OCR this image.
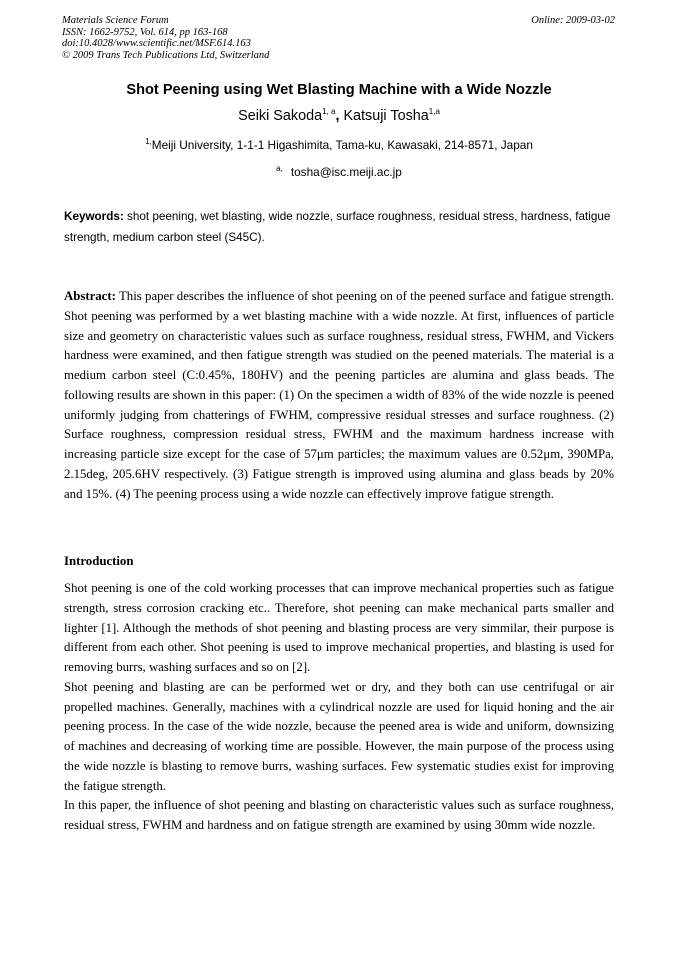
Materials Science Forum
ISSN: 1662-9752, Vol. 614, pp 163-168
doi:10.4028/www.scientific.net/MSF.614.163
© 2009 Trans Tech Publications Ltd, Switzerland
Online: 2009-03-02
Shot Peening using Wet Blasting Machine with a Wide Nozzle
Seiki Sakoda$^{1, a}$, Katsuji Tosha$^{1,a}$
$^{1,}$Meiji University, 1-1-1 Higashimita, Tama-ku, Kawasaki, 214-8571, Japan
$^{a,}$ tosha@isc.meiji.ac.jp
Keywords: shot peening, wet blasting, wide nozzle, surface roughness, residual stress, hardness, fatigue strength, medium carbon steel (S45C).
Abstract: This paper describes the influence of shot peening on of the peened surface and fatigue strength. Shot peening was performed by a wet blasting machine with a wide nozzle. At first, influences of particle size and geometry on characteristic values such as surface roughness, residual stress, FWHM, and Vickers hardness were examined, and then fatigue strength was studied on the peened materials. The material is a medium carbon steel (C:0.45%, 180HV) and the peening particles are alumina and glass beads. The following results are shown in this paper: (1) On the specimen a width of 83% of the wide nozzle is peened uniformly judging from chatterings of FWHM, compressive residual stresses and surface roughness. (2) Surface roughness, compression residual stress, FWHM and the maximum hardness increase with increasing particle size except for the case of 57μm particles; the maximum values are 0.52μm, 390MPa, 2.15deg, 205.6HV respectively. (3) Fatigue strength is improved using alumina and glass beads by 20% and 15%. (4) The peening process using a wide nozzle can effectively improve fatigue strength.
Introduction

Shot peening is one of the cold working processes that can improve mechanical properties such as fatigue strength, stress corrosion cracking etc.. Therefore, shot peening can make mechanical parts smaller and lighter [1]. Although the methods of shot peening and blasting process are very simmilar, their purpose is different from each other. Shot peening is used to improve mechanical properties, and blasting is used for removing burrs, washing surfaces and so on [2].

Shot peening and blasting are can be performed wet or dry, and they both can use centrifugal or air propelled machines. Generally, machines with a cylindrical nozzle are used for liquid honing and the air peening process. In the case of the wide nozzle, because the peened area is wide and uniform, downsizing of machines and decreasing of working time are possible. However, the main purpose of the process using the wide nozzle is blasting to remove burrs, washing surfaces. Few systematic studies exist for improving the fatigue strength.

In this paper, the influence of shot peening and blasting on characteristic values such as surface roughness, residual stress, FWHM and hardness and on fatigue strength are examined by using 30mm wide nozzle.
